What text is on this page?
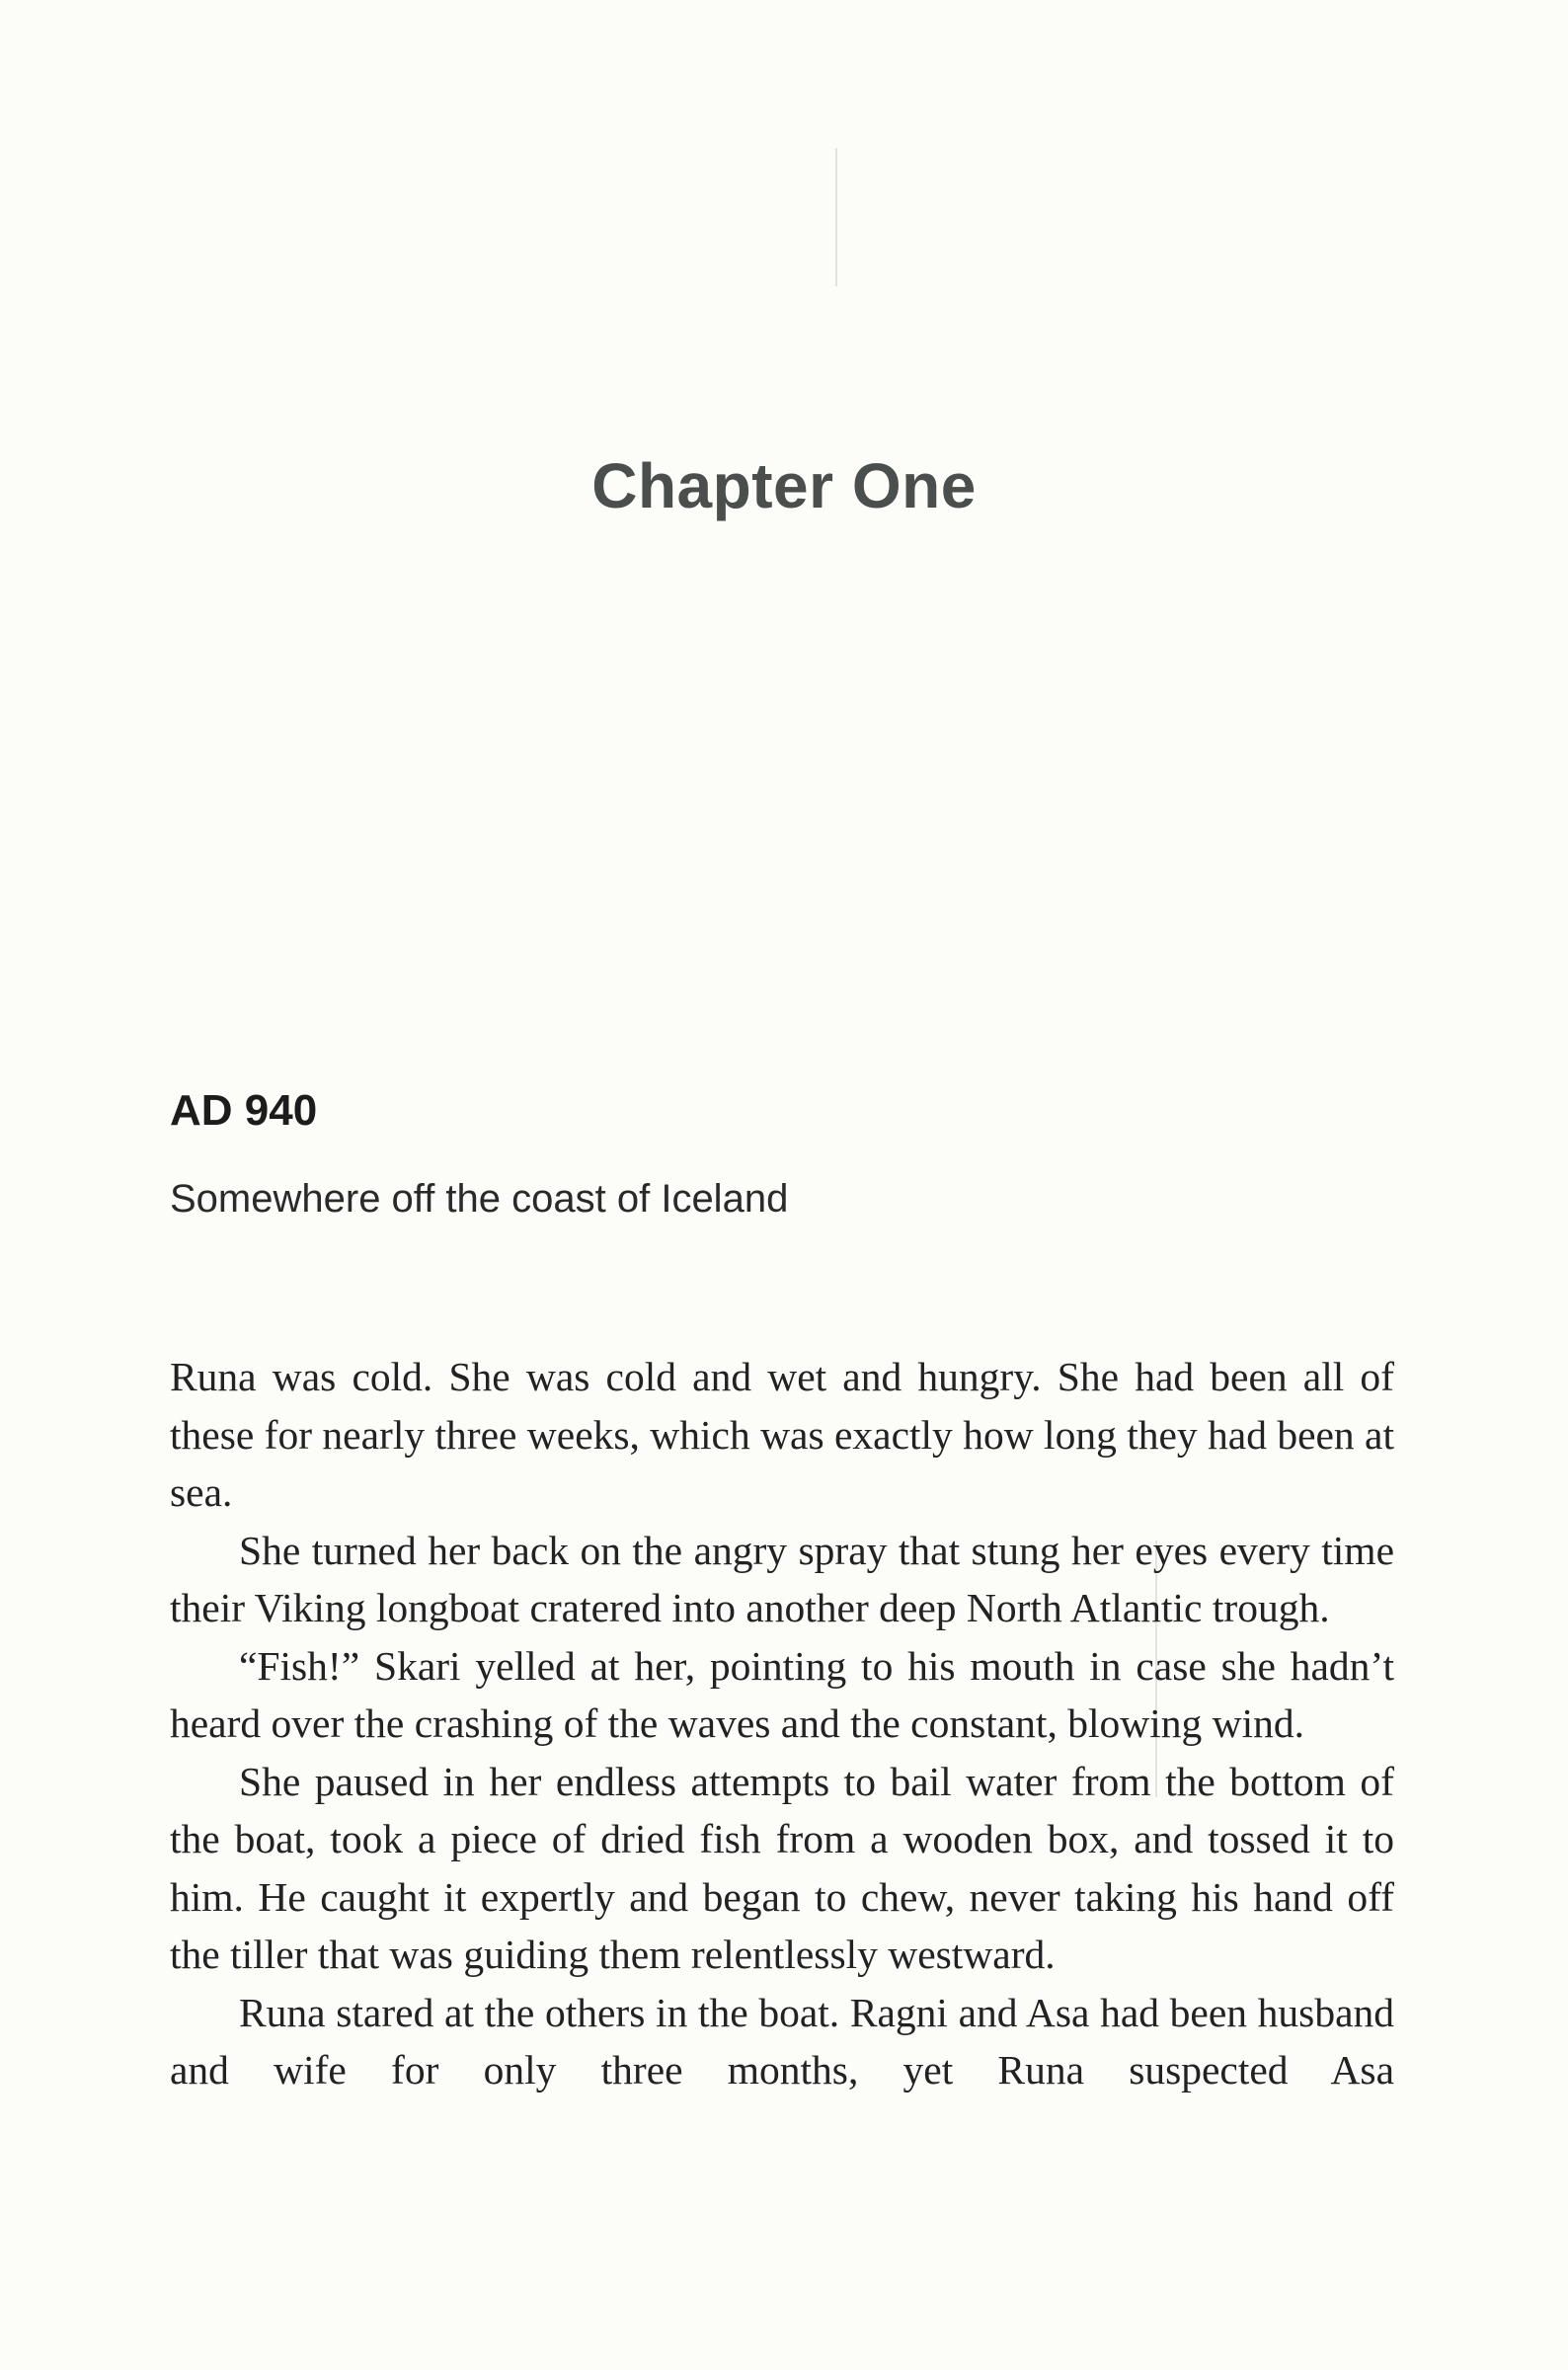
Chapter One
AD 940
Somewhere off the coast of Iceland

Runa was cold. She was cold and wet and hungry. She had been all of these for nearly three weeks, which was exactly how long they had been at sea.

She turned her back on the angry spray that stung her eyes every time their Viking longboat cratered into another deep North Atlantic trough.

“Fish!” Skari yelled at her, pointing to his mouth in case she hadn’t heard over the crashing of the waves and the constant, blowing wind.

She paused in her endless attempts to bail water from the bottom of the boat, took a piece of dried fish from a wooden box, and tossed it to him. He caught it expertly and began to chew, never taking his hand off the tiller that was guiding them relentlessly westward.

Runa stared at the others in the boat. Ragni and Asa had been husband and wife for only three months, yet Runa suspected Asa
